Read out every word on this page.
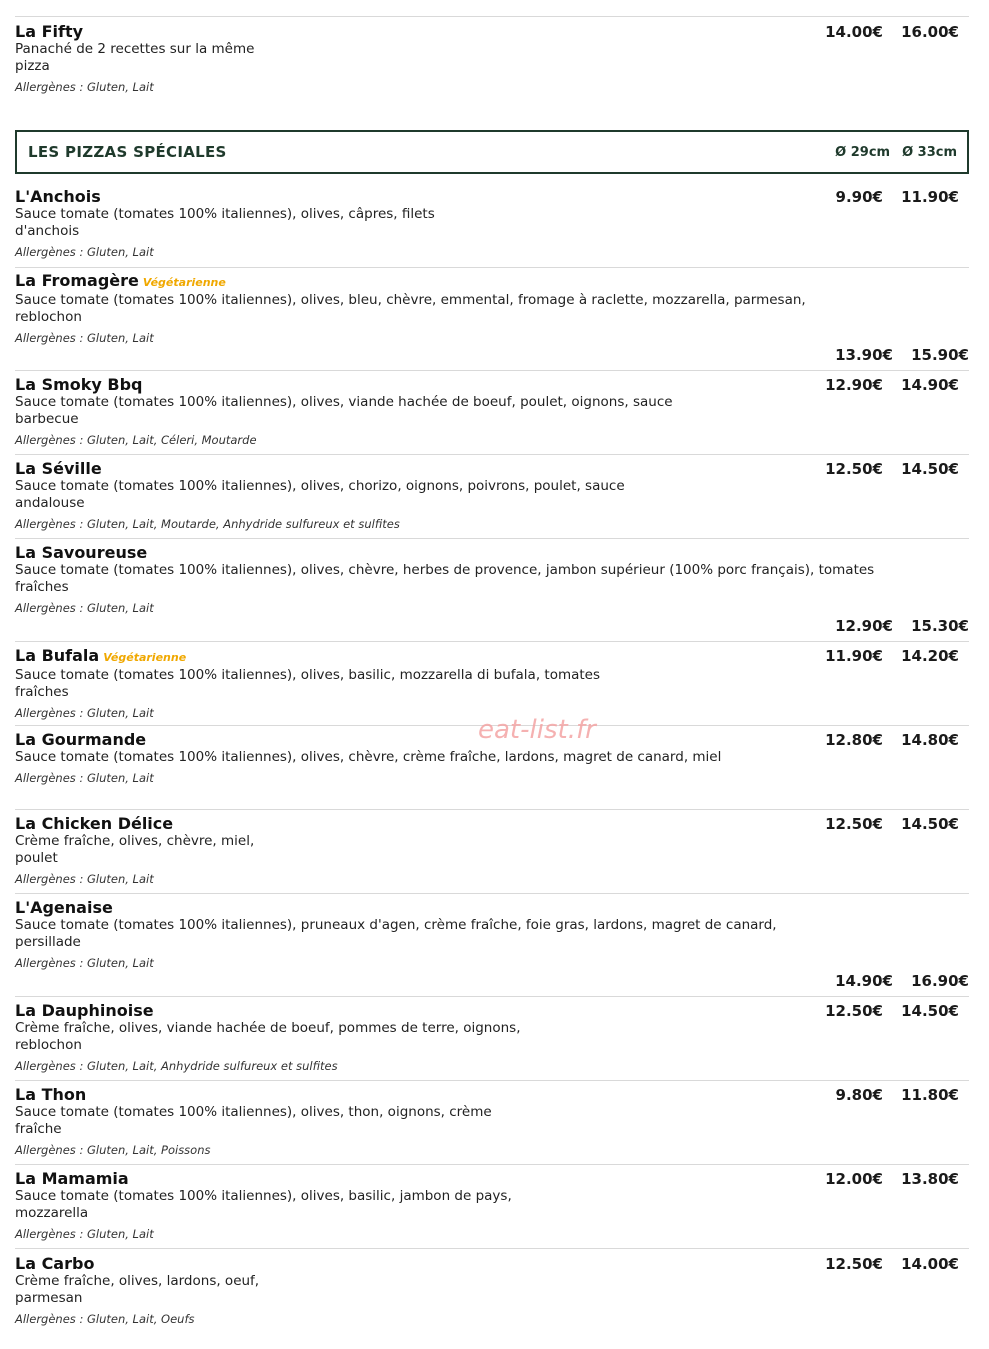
La Fifty
Panaché de 2 recettes sur la même pizza
Allergènes : Gluten, Lait
14.00€ 16.00€
LES PIZZAS SPÉCIALES	Ø 29cm Ø 33cm
L'Anchois
Sauce tomate (tomates 100% italiennes), olives, câpres, filets d'anchois
Allergènes : Gluten, Lait
9.90€ 11.90€
La Fromagère Végétarienne
Sauce tomate (tomates 100% italiennes), olives, bleu, chèvre, emmental, fromage à raclette, mozzarella, parmesan, reblochon
Allergènes : Gluten, Lait
13.90€ 15.90€
La Smoky Bbq
Sauce tomate (tomates 100% italiennes), olives, viande hachée de boeuf, poulet, oignons, sauce barbecue
Allergènes : Gluten, Lait, Céleri, Moutarde
12.90€ 14.90€
La Séville
Sauce tomate (tomates 100% italiennes), olives, chorizo, oignons, poivrons, poulet, sauce andalouse
Allergènes : Gluten, Lait, Moutarde, Anhydride sulfureux et sulfites
12.50€ 14.50€
La Savoureuse
Sauce tomate (tomates 100% italiennes), olives, chèvre, herbes de provence, jambon supérieur (100% porc français), tomates fraîches
Allergènes : Gluten, Lait
12.90€ 15.30€
La Bufala Végétarienne
Sauce tomate (tomates 100% italiennes), olives, basilic, mozzarella di bufala, tomates fraîches
Allergènes : Gluten, Lait
11.90€ 14.20€
La Gourmande
Sauce tomate (tomates 100% italiennes), olives, chèvre, crème fraîche, lardons, magret de canard, miel
Allergènes : Gluten, Lait
12.80€ 14.80€
La Chicken Délice
Crème fraîche, olives, chèvre, miel, poulet
Allergènes : Gluten, Lait
12.50€ 14.50€
L'Agenaise
Sauce tomate (tomates 100% italiennes), pruneaux d'agen, crème fraîche, foie gras, lardons, magret de canard, persillade
Allergènes : Gluten, Lait
14.90€ 16.90€
La Dauphinoise
Crème fraîche, olives, viande hachée de boeuf, pommes de terre, oignons, reblochon
Allergènes : Gluten, Lait, Anhydride sulfureux et sulfites
12.50€ 14.50€
La Thon
Sauce tomate (tomates 100% italiennes), olives, thon, oignons, crème fraîche
Allergènes : Gluten, Lait, Poissons
9.80€ 11.80€
La Mamamia
Sauce tomate (tomates 100% italiennes), olives, basilic, jambon de pays, mozzarella
Allergènes : Gluten, Lait
12.00€ 13.80€
La Carbo
Crème fraîche, olives, lardons, oeuf, parmesan
Allergènes : Gluten, Lait, Oeufs
12.50€ 14.00€
eat-list.fr
